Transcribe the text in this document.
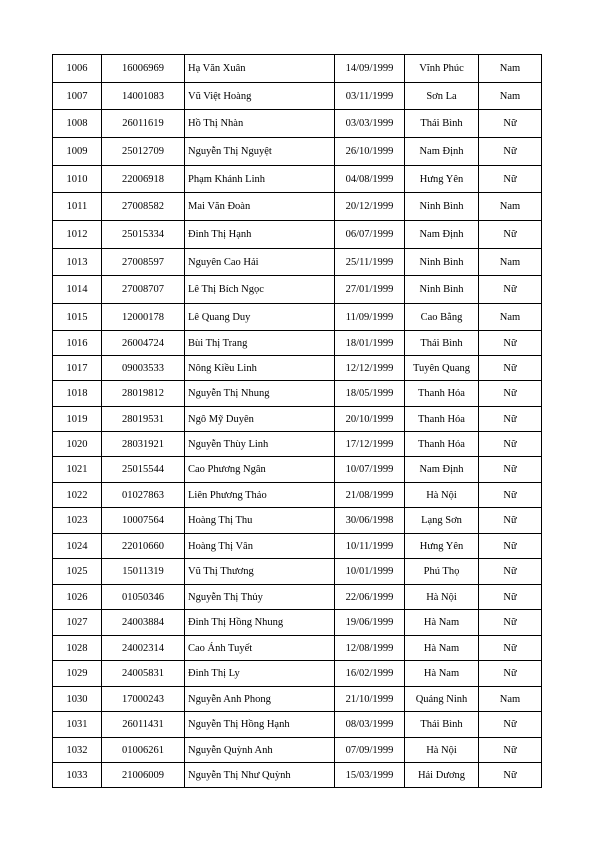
1006	16006969	Hạ Văn Xuân	14/09/1999	Vĩnh Phúc	Nam
1007	14001083	Vũ Việt Hoàng	03/11/1999	Sơn La	Nam
1008	26011619	Hồ Thị Nhàn	03/03/1999	Thái Bình	Nữ
1009	25012709	Nguyễn Thị Nguyệt	26/10/1999	Nam Định	Nữ
1010	22006918	Phạm Khánh Linh	04/08/1999	Hưng Yên	Nữ
1011	27008582	Mai Văn Đoàn	20/12/1999	Ninh Bình	Nam
1012	25015334	Đinh Thị Hạnh	06/07/1999	Nam Định	Nữ
1013	27008597	Nguyên Cao Hải	25/11/1999	Ninh Bình	Nam
1014	27008707	Lê Thị Bích Ngọc	27/01/1999	Ninh Bình	Nữ
1015	12000178	Lê Quang Duy	11/09/1999	Cao Bằng	Nam
1016	26004724	Bùi Thị Trang	18/01/1999	Thái Bình	Nữ
1017	09003533	Nông Kiều Linh	12/12/1999	Tuyên Quang	Nữ
1018	28019812	Nguyễn Thị Nhung	18/05/1999	Thanh Hóa	Nữ
1019	28019531	Ngô Mỹ Duyên	20/10/1999	Thanh Hóa	Nữ
1020	28031921	Nguyễn Thùy Linh	17/12/1999	Thanh Hóa	Nữ
1021	25015544	Cao Phương Ngân	10/07/1999	Nam Định	Nữ
1022	01027863	Liên Phương Thảo	21/08/1999	Hà Nội	Nữ
1023	10007564	Hoàng Thị Thu	30/06/1998	Lạng Sơn	Nữ
1024	22010660	Hoàng Thị Vân	10/11/1999	Hưng Yên	Nữ
1025	15011319	Vũ Thị Thương	10/01/1999	Phú Thọ	Nữ
1026	01050346	Nguyễn Thị Thủy	22/06/1999	Hà Nội	Nữ
1027	24003884	Đinh Thị Hồng Nhung	19/06/1999	Hà Nam	Nữ
1028	24002314	Cao Ánh Tuyết	12/08/1999	Hà Nam	Nữ
1029	24005831	Đinh Thị Ly	16/02/1999	Hà Nam	Nữ
1030	17000243	Nguyễn Anh Phong	21/10/1999	Quảng Ninh	Nam
1031	26011431	Nguyễn Thị Hồng Hạnh	08/03/1999	Thái Bình	Nữ
1032	01006261	Nguyễn Quỳnh Anh	07/09/1999	Hà Nội	Nữ
1033	21006009	Nguyễn Thị Như Quỳnh	15/03/1999	Hải Dương	Nữ
